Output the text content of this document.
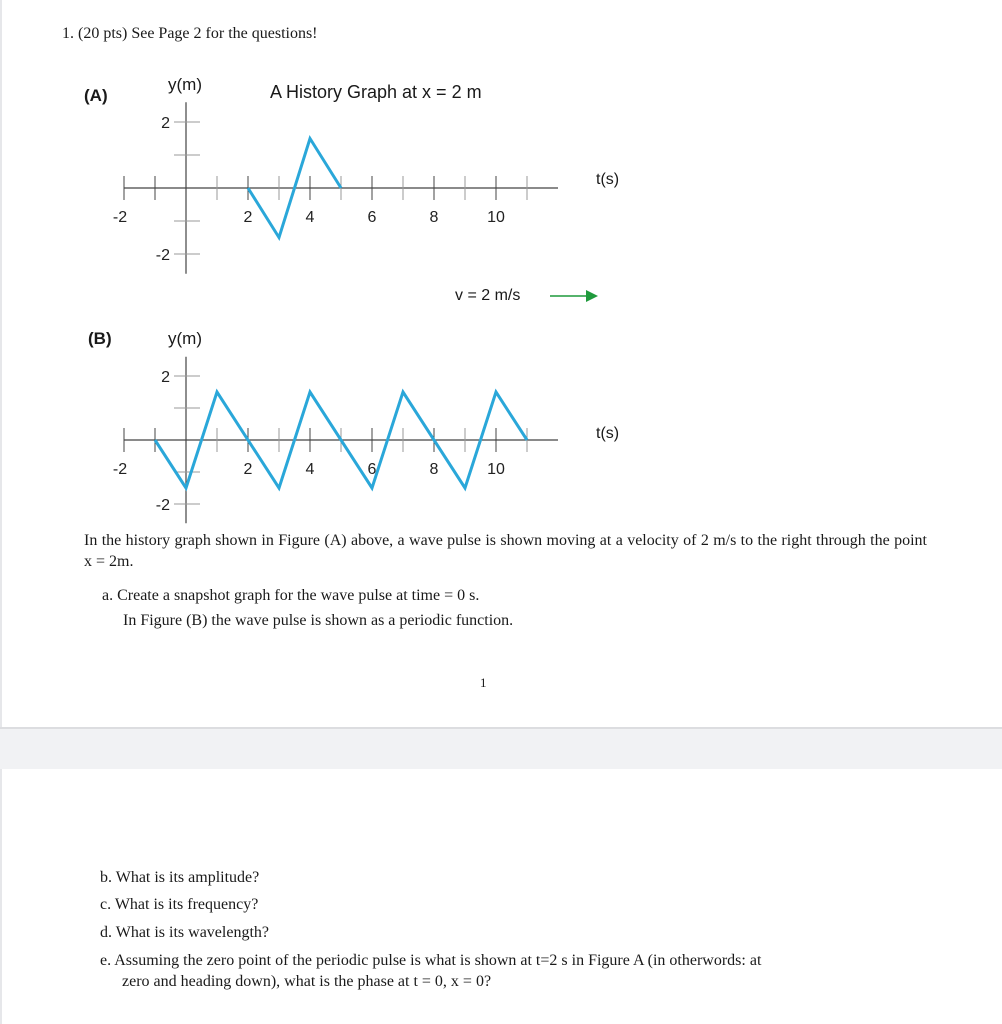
1. (20 pts) See Page 2 for the questions!
(A)
y(m)	A History Graph at x = 2 m
t(s)
-2	2	4	6	8	10
2
-2
v = 2 m/s
(B)	y(m)
t(s)
-2	2	4	6	8	10
2
-2
In the history graph shown in Figure (A) above, a wave pulse is shown moving at a velocity of 2 m/s to the right through the point x = 2m.
a. Create a snapshot graph for the wave pulse at time = 0 s.
In Figure (B) the wave pulse is shown as a periodic function.
1
b. What is its amplitude?
c. What is its frequency?
d. What is its wavelength?
e. Assuming the zero point of the periodic pulse is what is shown at t=2 s in Figure A (in otherwords: at
zero and heading down), what is the phase at t = 0, x = 0?
